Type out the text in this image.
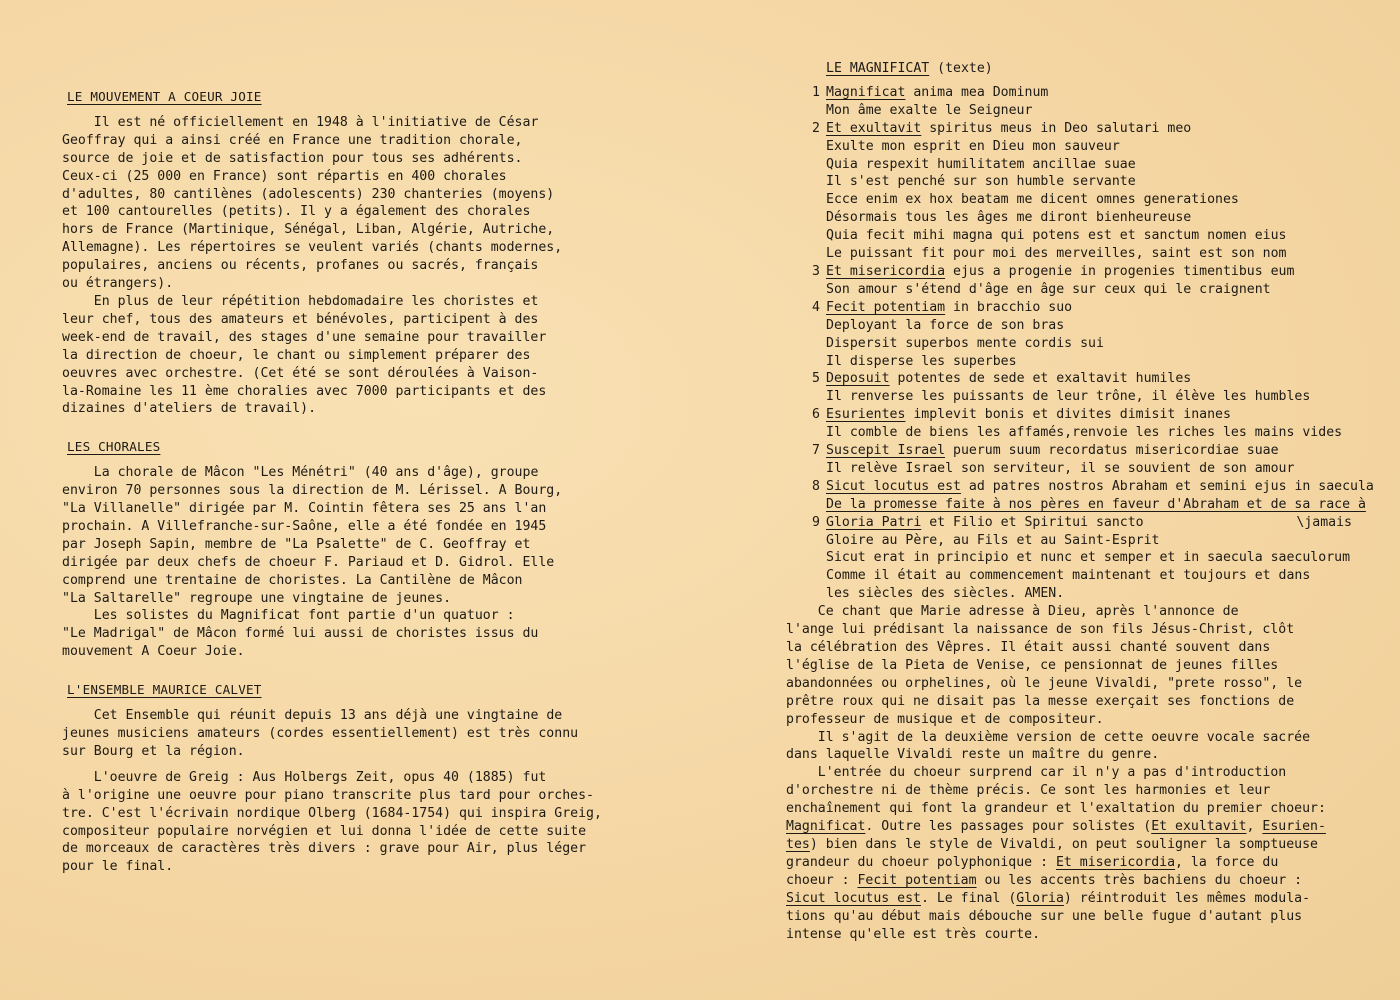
LE MOUVEMENT A COEUR JOIE

Il est né officiellement en 1948 à l'initiative de César
Geoffray qui a ainsi créé en France une tradition chorale,
source de joie et de satisfaction pour tous ses adhérents.
Ceux-ci (25 000 en France) sont répartis en 400 chorales
d'adultes, 80 cantilènes (adolescents) 230 chanteries (moyens)
et 100 cantourelles (petits). Il y a également des chorales
hors de France (Martinique, Sénégal, Liban, Algérie, Autriche,
Allemagne). Les répertoires se veulent variés (chants modernes,
populaires, anciens ou récents, profanes ou sacrés, français
ou étrangers).

En plus de leur répétition hebdomadaire les choristes et
leur chef, tous des amateurs et bénévoles, participent à des
week-end de travail, des stages d'une semaine pour travailler
la direction de choeur, le chant ou simplement préparer des
oeuvres avec orchestre. (Cet été se sont déroulées à Vaison-
la-Romaine les 11 ème choralies avec 7000 participants et des
dizaines d'ateliers de travail).

LES CHORALES

La chorale de Mâcon "Les Ménétri" (40 ans d'âge), groupe
environ 70 personnes sous la direction de M. Lérissel. A Bourg,
"La Villanelle" dirigée par M. Cointin fêtera ses 25 ans l'an
prochain. A Villefranche-sur-Saône, elle a été fondée en 1945
par Joseph Sapin, membre de "La Psalette" de C. Geoffray et
dirigée par deux chefs de choeur F. Pariaud et D. Gidrol. Elle
comprend une trentaine de choristes. La Cantilène de Mâcon
"La Saltarelle" regroupe une vingtaine de jeunes.

Les solistes du Magnificat font partie d'un quatuor :
"Le Madrigal" de Mâcon formé lui aussi de choristes issus du
mouvement A Coeur Joie.

L'ENSEMBLE MAURICE CALVET

Cet Ensemble qui réunit depuis 13 ans déjà une vingtaine de
jeunes musiciens amateurs (cordes essentiellement) est très connu
sur Bourg et la région.

L'oeuvre de Greig : Aus Holbergs Zeit, opus 40 (1885) fut
à l'origine une oeuvre pour piano transcrite plus tard pour orches-
tre. C'est l'écrivain nordique Olberg (1684-1754) qui inspira Greig,
compositeur populaire norvégien et lui donna l'idée de cette suite
de morceaux de caractères très divers : grave pour Air, plus léger
pour le final.

LE MAGNIFICAT (texte)
1 Magnificat anima mea Dominum
Mon âme exalte le Seigneur
2 Et exultavit spiritus meus in Deo salutari meo
Exulte mon esprit en Dieu mon sauveur
Quia respexit humilitatem ancillae suae
Il s'est penché sur son humble servante
Ecce enim ex hox beatam me dicent omnes generationes
Désormais tous les âges me diront bienheureuse
Quia fecit mihi magna qui potens est et sanctum nomen eius
Le puissant fit pour moi des merveilles, saint est son nom
3 Et misericordia ejus a progenie in progenies timentibus eum
Son amour s'étend d'âge en âge sur ceux qui le craignent
4 Fecit potentiam in bracchio suo
Deployant la force de son bras
Dispersit superbos mente cordis sui
Il disperse les superbes
5 Deposuit potentes de sede et exaltavit humiles
Il renverse les puissants de leur trône, il élève les humbles
6 Esurientes implevit bonis et divites dimisit inanes
Il comble de biens les affamés,renvoie les riches les mains vides
7 Suscepit Israel puerum suum recordatus misericordiae suae
Il relève Israel son serviteur, il se souvient de son amour
8 Sicut locutus est ad patres nostros Abraham et semini ejus in saecula
De la promesse faite à nos pères en faveur d'Abraham et de sa race à
9 Gloria Patri et Filio et Spiritui sancto	\jamais
Gloire au Père, au Fils et au Saint-Esprit
Sicut erat in principio et nunc et semper et in saecula saeculorum
Comme il était au commencement maintenant et toujours et dans
les siècles des siècles. AMEN.

Ce chant que Marie adresse à Dieu, après l'annonce de
l'ange lui prédisant la naissance de son fils Jésus-Christ, clôt
la célébration des Vêpres. Il était aussi chanté souvent dans
l'église de la Pieta de Venise, ce pensionnat de jeunes filles
abandonnées ou orphelines, où le jeune Vivaldi, "prete rosso", le
prêtre roux qui ne disait pas la messe exerçait ses fonctions de
professeur de musique et de compositeur.

Il s'agit de la deuxième version de cette oeuvre vocale sacrée
dans laquelle Vivaldi reste un maître du genre.

L'entrée du choeur surprend car il n'y a pas d'introduction
d'orchestre ni de thème précis. Ce sont les harmonies et leur
enchaînement qui font la grandeur et l'exaltation du premier choeur:
Magnificat. Outre les passages pour solistes (Et exultavit, Esurien-
tes) bien dans le style de Vivaldi, on peut souligner la somptueuse
grandeur du choeur polyphonique : Et misericordia, la force du
choeur : Fecit potentiam ou les accents très bachiens du choeur :
Sicut locutus est. Le final (Gloria) réintroduit les mêmes modula-
tions qu'au début mais débouche sur une belle fugue d'autant plus
intense qu'elle est très courte.
